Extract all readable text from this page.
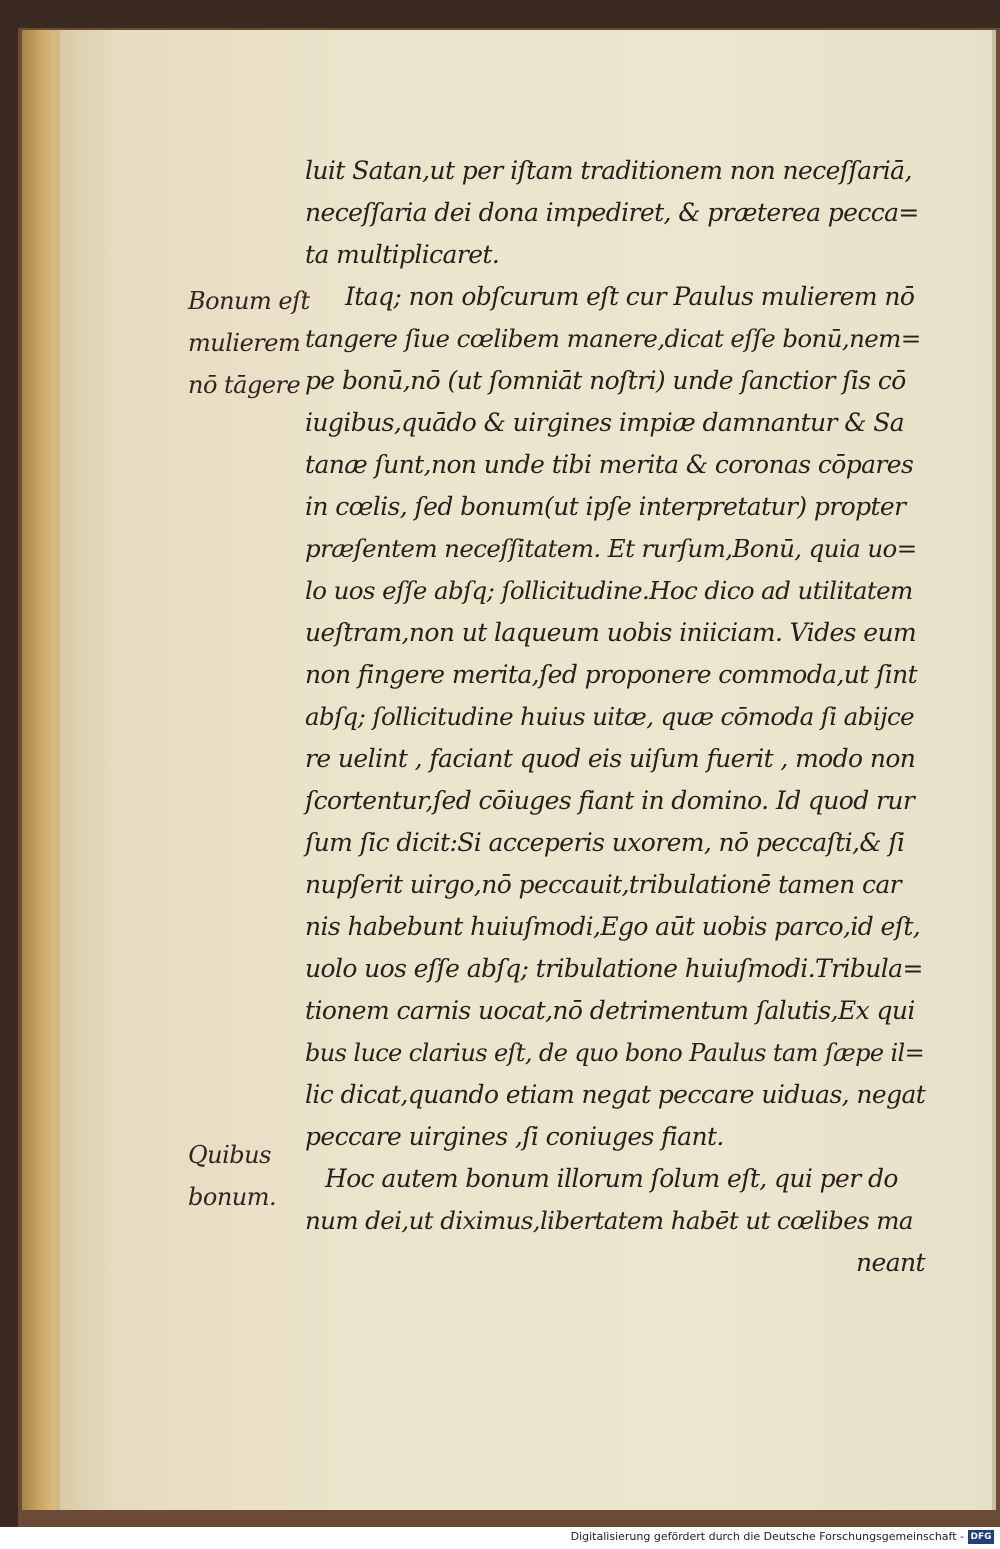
Bonum eſt
mulierem
nō tāgere
Quibus
bonum.
luit Satan,ut per iſtam traditionem non neceſſariā,
neceſſaria dei dona impediret, & præterea pecca=
ta multiplicaret.
Itaq; non obſcurum eſt cur Paulus mulierem nō
tangere ſiue cœlibem manere,dicat eſſe bonū,nem=
pe bonū,nō (ut ſomniāt noſtri) unde ſanctior ſis cō
iugibus,quādo & uirgines impiæ damnantur & Sa
tanæ ſunt,non unde tibi merita & coronas cōpares
in cœlis, ſed bonum(ut ipſe interpretatur) propter
præſentem neceſſitatem. Et rurſum,Bonū, quia uo=
lo uos eſſe abſq; ſollicitudine.Hoc dico ad utilitatem
ueſtram,non ut laqueum uobis iniiciam. Vides eum
non fingere merita,ſed proponere commoda,ut ſint
abſq; ſollicitudine huius uitæ, quæ cōmoda ſi abijce
re uelint , faciant quod eis uiſum fuerit , modo non
ſcortentur,ſed cōiuges fiant in domino. Id quod rur
ſum ſic dicit:Si acceperis uxorem, nō peccaſti,& ſi
nupſerit uirgo,nō peccauit,tribulationē tamen car
nis habebunt huiuſmodi,Ego aūt uobis parco,id eſt,
uolo uos eſſe abſq; tribulatione huiuſmodi.Tribula=
tionem carnis uocat,nō detrimentum ſalutis,Ex qui
bus luce clarius eſt, de quo bono Paulus tam ſæpe il=
lic dicat,quando etiam negat peccare uiduas, negat
peccare uirgines ,ſi coniuges fiant.
Hoc autem bonum illorum ſolum eſt, qui per do
num dei,ut diximus,libertatem habēt ut cœlibes ma
neant
Digitalisierung gefördert durch die Deutsche Forschungsgemeinschaft - DFG
